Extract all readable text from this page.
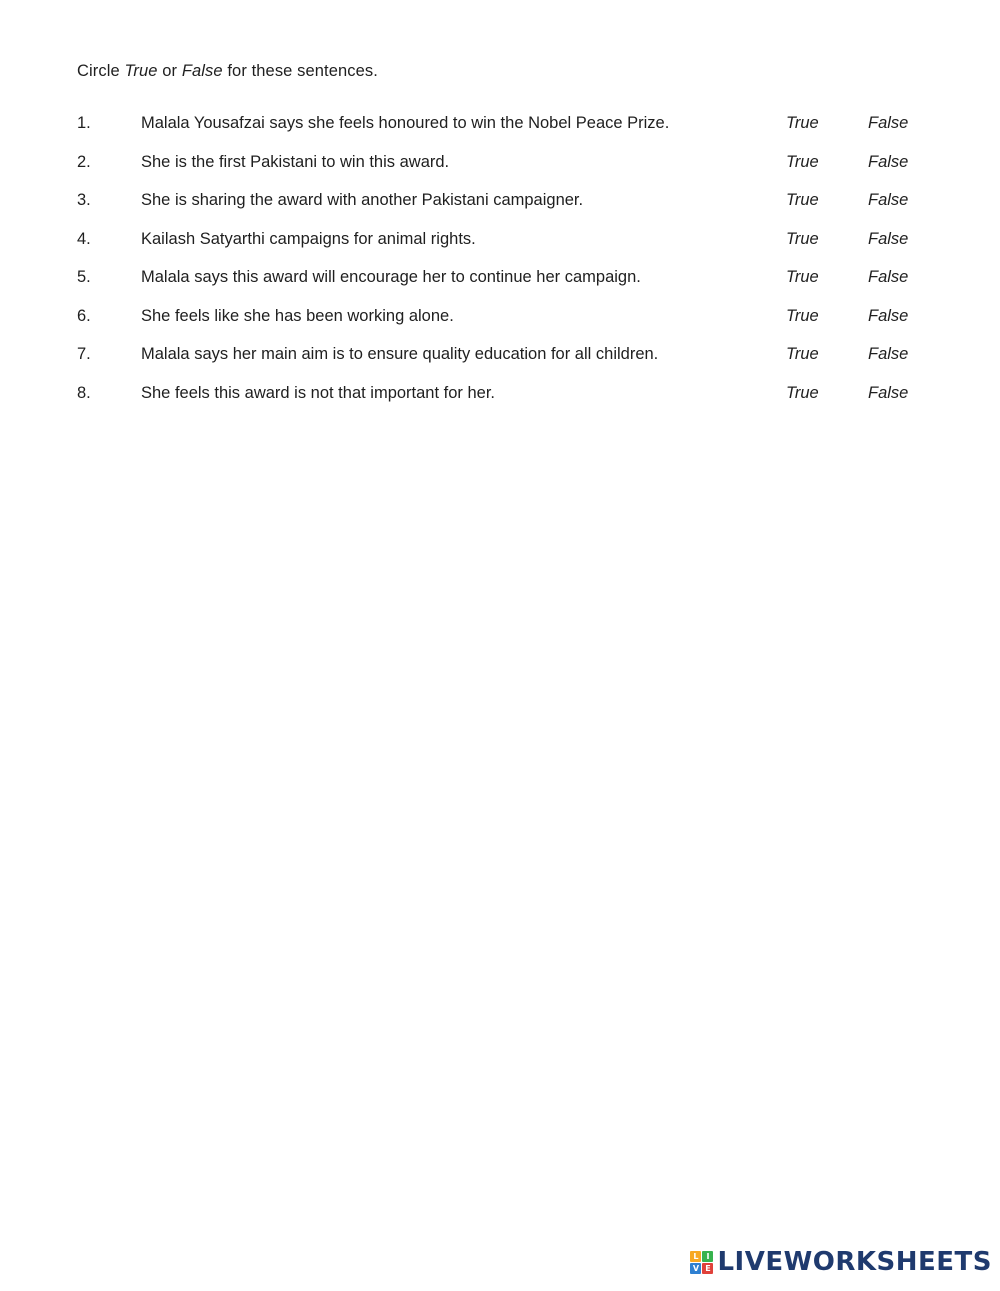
Circle True or False for these sentences.
1.	Malala Yousafzai says she feels honoured to win the Nobel Peace Prize.	True	False
2.	She is the first Pakistani to win this award.	True	False
3.	She is sharing the award with another Pakistani campaigner.	True	False
4.	Kailash Satyarthi campaigns for animal rights.	True	False
5.	Malala says this award will encourage her to continue her campaign.	True	False
6.	She feels like she has been working alone.	True	False
7.	Malala says her main aim is to ensure quality education for all children.	True	False
8.	She feels this award is not that important for her.	True	False
L I
V E LIVEWORKSHEETS
